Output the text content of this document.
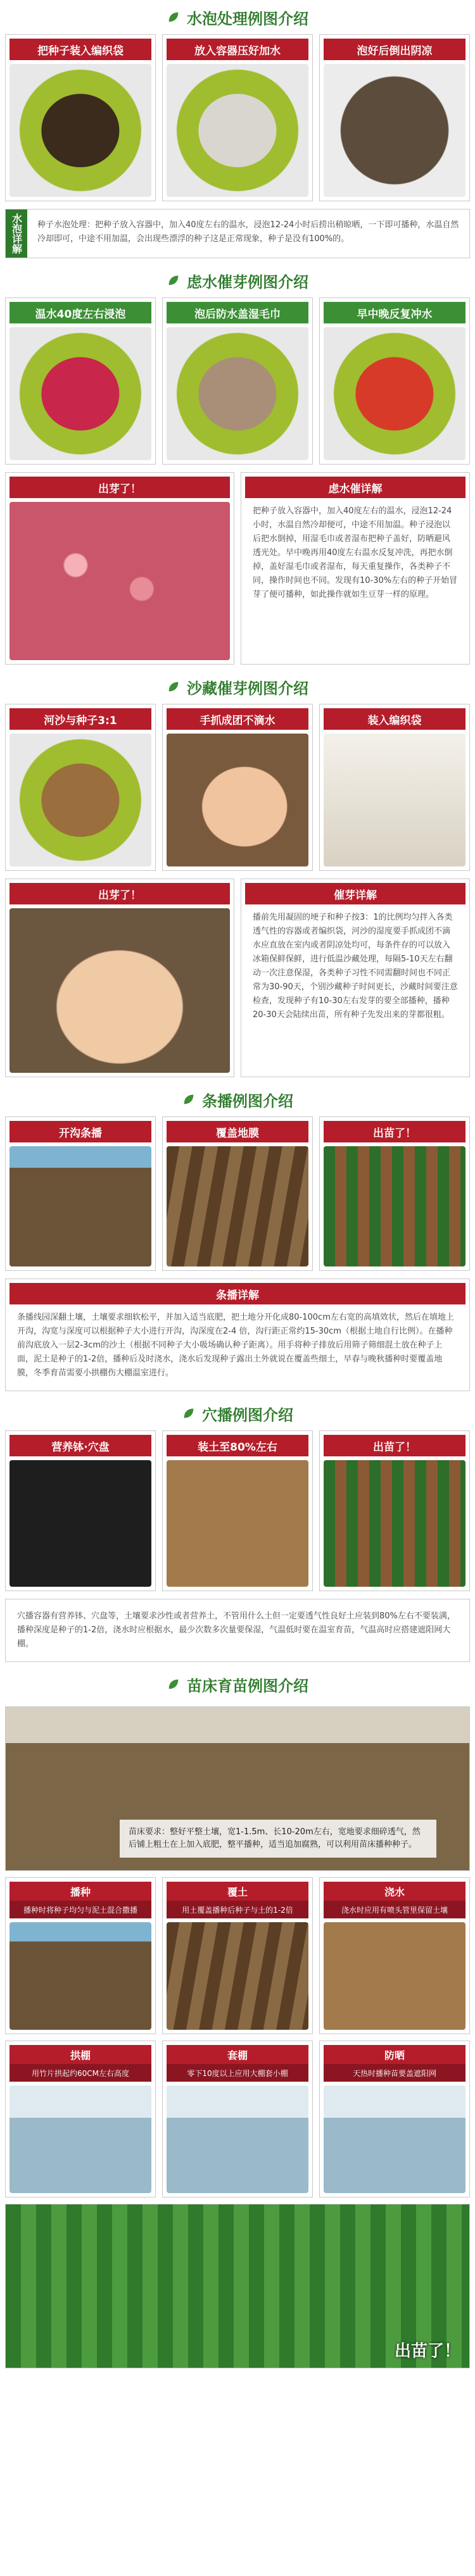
水泡处理例图介绍
把种子装入编织袋	放入容器压好加水	泡好后倒出阴凉
水泡详解	种子水泡处理：把种子放入容器中，加入40度左右的温水，浸泡12-24小时后捞出稍晾晒，一下即可播种，水温自然冷却即可，中途不用加温，会出现些漂浮的种子这是正常现象，种子是没有100%的。
虑水催芽例图介绍
温水40度左右浸泡	泡后防水盖湿毛巾	早中晚反复冲水
出芽了！	虑水催详解
把种子放入容器中，加入40度左右的温水，浸泡12-24小时，水温自然冷却便可，中途不用加温。种子浸泡以后把水倒掉，用湿毛巾或者湿布把种子盖好，防晒避风透光处。早中晚再用40度左右温水反复冲洗，再把水倒掉，盖好湿毛巾或者湿布，每天重复操作，各类种子不同，操作时间也不同。发现有10-30%左右的种子开始冒芽了便可播种，如此操作就如生豆芽一样的原理。
沙藏催芽例图介绍
河沙与种子3:1	手抓成团不滴水	装入编织袋
出芽了！	催芽详解
播前先用凝固的埂子和种子按3：1的比例均匀拌入各类透气性的容器或者编织袋，河沙的湿度要手抓成团不滴水应直放在室内或者阴凉处均可，每条件存的可以放入冰箱保鲜保鲜，进行低温沙藏处理，每隔5-10天左右翻动一次注意保湿，各类种子习性不同需翻时间也不同正常为30-90天，个别沙藏种子时间更长，沙藏时间要注意检查，发现种子有10-30左右发芽的要全部播种，播种20-30天会陆续出苗，所有种子先发出来的芽都很粗。
条播例图介绍
开沟条播	覆盖地膜	出苗了！
条播详解
条播线园深翻土壤，土壤要求细软松平，并加入适当底肥，把土地分开化成80-100cm左右宽的高填效状，然后在填地上开沟，沟宽与深度可以根据种子大小进行开沟，沟深度在2-4 倍，沟行距正常约15-30cm（根据土地自行比例）。在播种前沟底放入一层2-3cm的沙土（根据不同种子大小吸场确认种子距离）。用手将种子排放后用筛子筛细混土放在种子上面，泥土是种子的1-2倍，播种后及时浇水，浇水后发现种子露出土外就说在覆盖些细土，早春与晚秋播种时要覆盖地膜，冬季育苗需要小拱棚伤大棚温室进行。
穴播例图介绍
营养钵·穴盘	装土至80%左右	出苗了！
穴播容器有营养钵、穴盘等，土壤要求沙性或者营养土，不管用什么土但一定要透气性良好土应装到80%左右不要装满，播种深度是种子的1-2倍，浇水时应根据水，最少次数多次量要保湿，气温低时要在温室育苗，气温高时应搭建遮阳网大棚。
苗床育苗例图介绍
苗床要求：整好平整土壤，宽1-1.5m、长10-20m左右，宽地要求细碎透气，然后铺上粗土在上加入底肥，整平播种，适当追加腐熟，可以利用苗床播种种子。
播种
播种时将种子均匀与泥土混合撒播
覆土
用土覆盖播种后种子与土的1-2倍
浇水
浇水时应用有喷头管里保留土壤
拱棚
用竹片拱起约60CM左右高度
套棚
零下10度以上应用大棚套小棚
防晒
天热时播种苗要盖遮阳网
出苗了！
